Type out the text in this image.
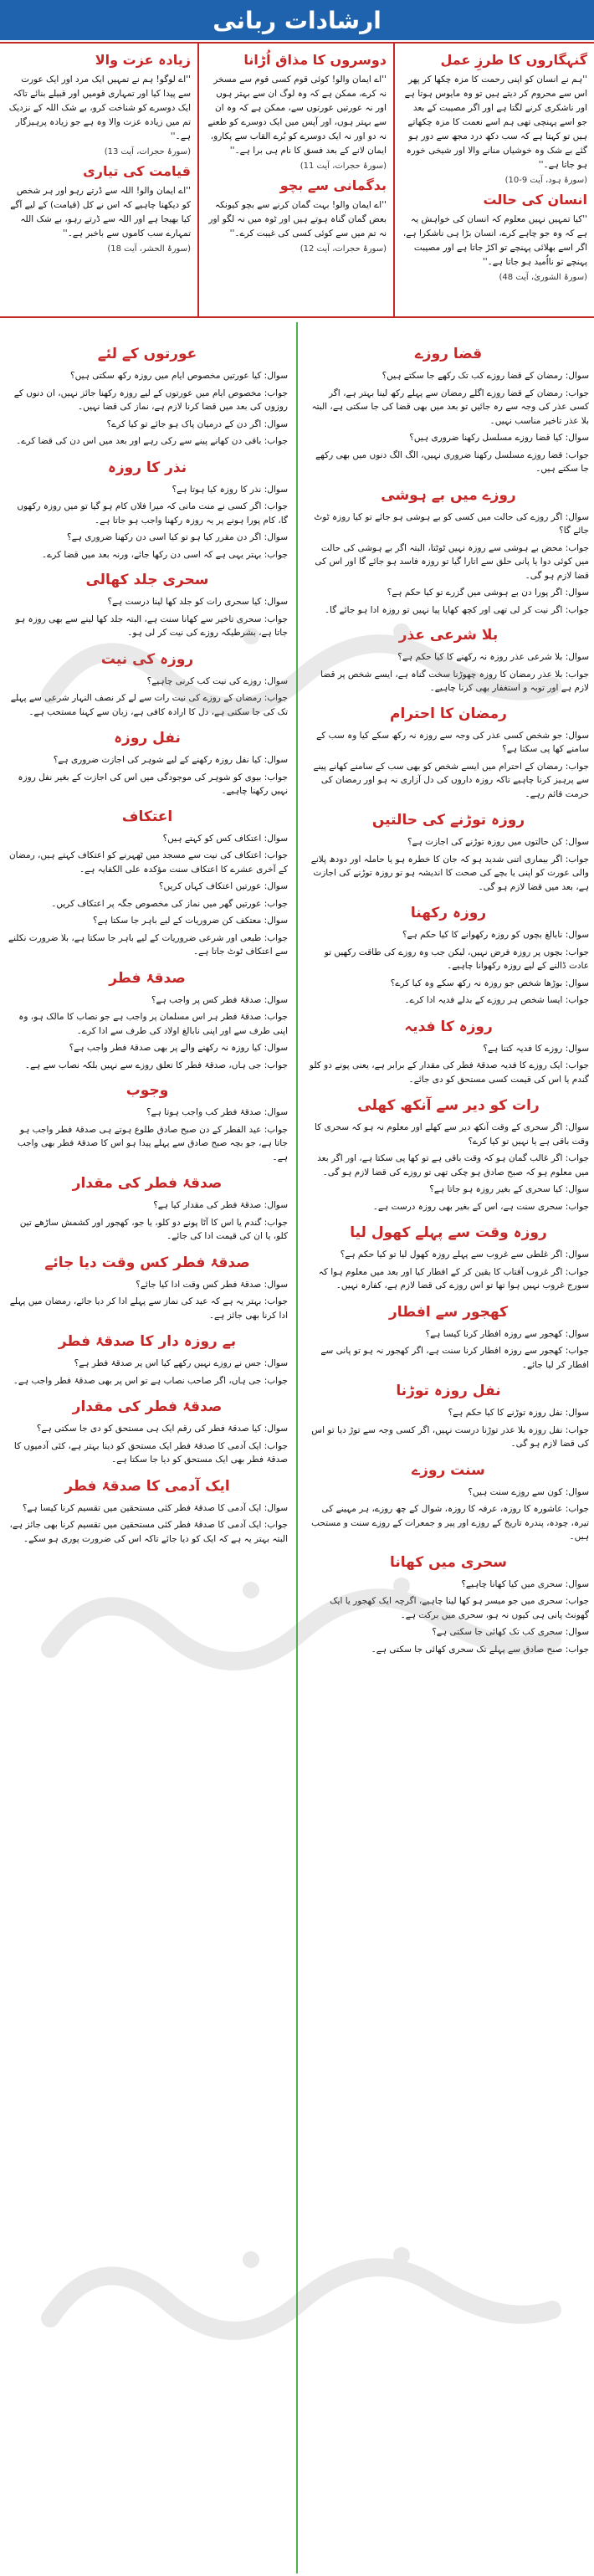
ارشادات ربانی
گنہگاروں کا طرزِ عمل
''ہم نے انسان کو اپنی رحمت کا مزہ چکھا کر پھر اس سے محروم کر دیتے ہیں تو وہ مایوس ہوتا ہے اور ناشکری کرنے لگتا ہے اور اگر مصیبت کے بعد جو اسے پہنچی تھی ہم اسے نعمت کا مزہ چکھاتے ہیں تو کہتا ہے کہ سب دکھ درد مجھ سے دور ہو گئے بے شک وہ خوشیاں منانے والا اور شیخی خورہ ہو جاتا ہے۔''
(سورۂ ہود، آیت 9-10)
انسان کی حالت
''کیا تمہیں نہیں معلوم کہ انسان کی خواہش یہ ہے کہ وہ جو چاہے کرے، انسان بڑا ہی ناشکرا ہے، اگر اسے بھلائی پہنچے تو اکڑ جاتا ہے اور مصیبت پہنچے تو نااُمید ہو جاتا ہے۔''
(سورۂ الشوریٰ، آیت 48)
دوسروں کا مذاق اُڑانا
''اے ایمان والو! کوئی قوم کسی قوم سے مسخر نہ کرے، ممکن ہے کہ وہ لوگ ان سے بہتر ہوں اور نہ عورتیں عورتوں سے، ممکن ہے کہ وہ ان سے بہتر ہوں، اور آپس میں ایک دوسرے کو طعنے نہ دو اور نہ ایک دوسرے کو بُرے القاب سے پکارو، ایمان لانے کے بعد فسق کا نام ہی برا ہے۔''
(سورۂ حجرات، آیت 11)
بدگمانی سے بچو
''اے ایمان والو! بہت گمان کرنے سے بچو کیونکہ بعض گمان گناہ ہوتے ہیں اور ٹوہ میں نہ لگو اور نہ تم میں سے کوئی کسی کی غیبت کرے۔''
(سورۂ حجرات، آیت 12)
زیادہ عزت والا
''اے لوگو! ہم نے تمہیں ایک مرد اور ایک عورت سے پیدا کیا اور تمہاری قومیں اور قبیلے بنائے تاکہ ایک دوسرے کو شناخت کرو، بے شک اللہ کے نزدیک تم میں زیادہ عزت والا وہ ہے جو زیادہ پرہیزگار ہے۔''
(سورۂ حجرات، آیت 13)
قیامت کی تیاری
''اے ایمان والو! اللہ سے ڈرتے رہو اور ہر شخص کو دیکھنا چاہیے کہ اس نے کل (قیامت) کے لیے آگے کیا بھیجا ہے اور اللہ سے ڈرتے رہو، بے شک اللہ تمہارے سب کاموں سے باخبر ہے۔''
(سورۂ الحشر، آیت 18)
قضا روزے
سوال: رمضان کے قضا روزے کب تک رکھے جا سکتے ہیں؟
جواب: رمضان کے قضا روزے اگلے رمضان سے پہلے رکھ لینا بہتر ہے، اگر کسی عذر کی وجہ سے رہ جائیں تو بعد میں بھی قضا کی جا سکتی ہے، البتہ بلا عذر تاخیر مناسب نہیں۔
سوال: کیا قضا روزے مسلسل رکھنا ضروری ہیں؟
جواب: قضا روزے مسلسل رکھنا ضروری نہیں، الگ الگ دنوں میں بھی رکھے جا سکتے ہیں۔
روزے میں بے ہوشی
سوال: اگر روزے کی حالت میں کسی کو بے ہوشی ہو جائے تو کیا روزہ ٹوٹ جائے گا؟
جواب: محض بے ہوشی سے روزہ نہیں ٹوٹتا، البتہ اگر بے ہوشی کی حالت میں کوئی دوا یا پانی حلق سے اتارا گیا تو روزہ فاسد ہو جائے گا اور اس کی قضا لازم ہو گی۔
سوال: اگر پورا دن بے ہوشی میں گزرے تو کیا حکم ہے؟
جواب: اگر نیت کر لی تھی اور کچھ کھایا پیا نہیں تو روزہ ادا ہو جائے گا۔
بلا شرعی عذر
سوال: بلا شرعی عذر روزہ نہ رکھنے کا کیا حکم ہے؟
جواب: بلا عذر رمضان کا روزہ چھوڑنا سخت گناہ ہے، ایسے شخص پر قضا لازم ہے اور توبہ و استغفار بھی کرنا چاہیے۔
رمضان کا احترام
سوال: جو شخص کسی عذر کی وجہ سے روزہ نہ رکھ سکے کیا وہ سب کے سامنے کھا پی سکتا ہے؟
جواب: رمضان کے احترام میں ایسے شخص کو بھی سب کے سامنے کھانے پینے سے پرہیز کرنا چاہیے تاکہ روزہ داروں کی دل آزاری نہ ہو اور رمضان کی حرمت قائم رہے۔
روزہ توڑنے کی حالتیں
سوال: کن حالتوں میں روزہ توڑنے کی اجازت ہے؟
جواب: اگر بیماری اتنی شدید ہو کہ جان کا خطرہ ہو یا حاملہ اور دودھ پلانے والی عورت کو اپنی یا بچے کی صحت کا اندیشہ ہو تو روزہ توڑنے کی اجازت ہے، بعد میں قضا لازم ہو گی۔
روزہ رکھنا
سوال: نابالغ بچوں کو روزہ رکھوانے کا کیا حکم ہے؟
جواب: بچوں پر روزہ فرض نہیں، لیکن جب وہ روزے کی طاقت رکھیں تو عادت ڈالنے کے لیے روزہ رکھوانا چاہیے۔
سوال: بوڑھا شخص جو روزہ نہ رکھ سکے وہ کیا کرے؟
جواب: ایسا شخص ہر روزے کے بدلے فدیہ ادا کرے۔
روزہ کا فدیہ
سوال: روزے کا فدیہ کتنا ہے؟
جواب: ایک روزے کا فدیہ صدقۂ فطر کی مقدار کے برابر ہے، یعنی پونے دو کلو گندم یا اس کی قیمت کسی مستحق کو دی جائے۔
رات کو دیر سے آنکھ کھلی
سوال: اگر سحری کے وقت آنکھ دیر سے کھلے اور معلوم نہ ہو کہ سحری کا وقت باقی ہے یا نہیں تو کیا کرے؟
جواب: اگر غالب گمان ہو کہ وقت باقی ہے تو کھا پی سکتا ہے، اور اگر بعد میں معلوم ہو کہ صبح صادق ہو چکی تھی تو روزے کی قضا لازم ہو گی۔
سوال: کیا سحری کے بغیر روزہ ہو جاتا ہے؟
جواب: سحری سنت ہے، اس کے بغیر بھی روزہ درست ہے۔
روزہ وقت سے پہلے کھول لیا
سوال: اگر غلطی سے غروب سے پہلے روزہ کھول لیا تو کیا حکم ہے؟
جواب: اگر غروب آفتاب کا یقین کر کے افطار کیا اور بعد میں معلوم ہوا کہ سورج غروب نہیں ہوا تھا تو اس روزے کی قضا لازم ہے، کفارہ نہیں۔
کھجور سے افطار
سوال: کھجور سے روزہ افطار کرنا کیسا ہے؟
جواب: کھجور سے روزہ افطار کرنا سنت ہے، اگر کھجور نہ ہو تو پانی سے افطار کر لیا جائے۔
نفل روزہ توڑنا
سوال: نفل روزہ توڑنے کا کیا حکم ہے؟
جواب: نفل روزہ بلا عذر توڑنا درست نہیں، اگر کسی وجہ سے توڑ دیا تو اس کی قضا لازم ہو گی۔
سنت روزے
سوال: کون سے روزے سنت ہیں؟
جواب: عاشورہ کا روزہ، عرفہ کا روزہ، شوال کے چھ روزے، ہر مہینے کی تیرہ، چودہ، پندرہ تاریخ کے روزے اور پیر و جمعرات کے روزے سنت و مستحب ہیں۔
سحری میں کھانا
سوال: سحری میں کیا کھانا چاہیے؟
جواب: سحری میں جو میسر ہو کھا لینا چاہیے، اگرچہ ایک کھجور یا ایک گھونٹ پانی ہی کیوں نہ ہو، سحری میں برکت ہے۔
سوال: سحری کب تک کھائی جا سکتی ہے؟
جواب: صبح صادق سے پہلے تک سحری کھائی جا سکتی ہے۔
عورتوں کے لئے
سوال: کیا عورتیں مخصوص ایام میں روزہ رکھ سکتی ہیں؟
جواب: مخصوص ایام میں عورتوں کے لیے روزہ رکھنا جائز نہیں، ان دنوں کے روزوں کی بعد میں قضا کرنا لازم ہے، نماز کی قضا نہیں۔
سوال: اگر دن کے درمیان پاک ہو جائے تو کیا کرے؟
جواب: باقی دن کھانے پینے سے رکی رہے اور بعد میں اس دن کی قضا کرے۔
نذر کا روزہ
سوال: نذر کا روزہ کیا ہوتا ہے؟
جواب: اگر کسی نے منت مانی کہ میرا فلاں کام ہو گیا تو میں روزہ رکھوں گا، کام پورا ہونے پر یہ روزہ رکھنا واجب ہو جاتا ہے۔
سوال: اگر دن مقرر کیا ہو تو کیا اسی دن رکھنا ضروری ہے؟
جواب: بہتر یہی ہے کہ اسی دن رکھا جائے، ورنہ بعد میں قضا کرے۔
سحری جلد کھالی
سوال: کیا سحری رات کو جلد کھا لینا درست ہے؟
جواب: سحری تاخیر سے کھانا سنت ہے، البتہ جلد کھا لینے سے بھی روزہ ہو جاتا ہے، بشرطیکہ روزے کی نیت کر لی ہو۔
روزہ کی نیت
سوال: روزے کی نیت کب کرنی چاہیے؟
جواب: رمضان کے روزے کی نیت رات سے لے کر نصف النہار شرعی سے پہلے تک کی جا سکتی ہے، دل کا ارادہ کافی ہے، زبان سے کہنا مستحب ہے۔
نفل روزہ
سوال: کیا نفل روزہ رکھنے کے لیے شوہر کی اجازت ضروری ہے؟
جواب: بیوی کو شوہر کی موجودگی میں اس کی اجازت کے بغیر نفل روزہ نہیں رکھنا چاہیے۔
اعتکاف
سوال: اعتکاف کس کو کہتے ہیں؟
جواب: اعتکاف کی نیت سے مسجد میں ٹھہرنے کو اعتکاف کہتے ہیں، رمضان کے آخری عشرے کا اعتکاف سنت مؤکدہ علی الکفایہ ہے۔
سوال: عورتیں اعتکاف کہاں کریں؟
جواب: عورتیں گھر میں نماز کی مخصوص جگہ پر اعتکاف کریں۔
سوال: معتکف کن ضروریات کے لیے باہر جا سکتا ہے؟
جواب: طبعی اور شرعی ضروریات کے لیے باہر جا سکتا ہے، بلا ضرورت نکلنے سے اعتکاف ٹوٹ جاتا ہے۔
صدقۂ فطر
سوال: صدقۂ فطر کس پر واجب ہے؟
جواب: صدقۂ فطر ہر اس مسلمان پر واجب ہے جو نصاب کا مالک ہو، وہ اپنی طرف سے اور اپنی نابالغ اولاد کی طرف سے ادا کرے۔
سوال: کیا روزہ نہ رکھنے والے پر بھی صدقۂ فطر واجب ہے؟
جواب: جی ہاں، صدقۂ فطر کا تعلق روزے سے نہیں بلکہ نصاب سے ہے۔
وجوب
سوال: صدقۂ فطر کب واجب ہوتا ہے؟
جواب: عید الفطر کے دن صبح صادق طلوع ہوتے ہی صدقۂ فطر واجب ہو جاتا ہے، جو بچہ صبح صادق سے پہلے پیدا ہو اس کا صدقۂ فطر بھی واجب ہے۔
صدقۂ فطر کی مقدار
سوال: صدقۂ فطر کی مقدار کیا ہے؟
جواب: گندم یا اس کا آٹا پونے دو کلو، یا جو، کھجور اور کشمش ساڑھے تین کلو، یا ان کی قیمت ادا کی جائے۔
صدقۂ فطر کس وقت دیا جائے
سوال: صدقۂ فطر کس وقت ادا کیا جائے؟
جواب: بہتر یہ ہے کہ عید کی نماز سے پہلے ادا کر دیا جائے، رمضان میں پہلے ادا کرنا بھی جائز ہے۔
بے روزہ دار کا صدقۂ فطر
سوال: جس نے روزے نہیں رکھے کیا اس پر صدقۂ فطر ہے؟
جواب: جی ہاں، اگر صاحب نصاب ہے تو اس پر بھی صدقۂ فطر واجب ہے۔
صدقۂ فطر کی مقدار
سوال: کیا صدقۂ فطر کی رقم ایک ہی مستحق کو دی جا سکتی ہے؟
جواب: ایک آدمی کا صدقۂ فطر ایک مستحق کو دینا بہتر ہے، کئی آدمیوں کا صدقۂ فطر بھی ایک مستحق کو دیا جا سکتا ہے۔
ایک آدمی کا صدقۂ فطر
سوال: ایک آدمی کا صدقۂ فطر کئی مستحقین میں تقسیم کرنا کیسا ہے؟
جواب: ایک آدمی کا صدقۂ فطر کئی مستحقین میں تقسیم کرنا بھی جائز ہے، البتہ بہتر یہ ہے کہ ایک کو دیا جائے تاکہ اس کی ضرورت پوری ہو سکے۔
